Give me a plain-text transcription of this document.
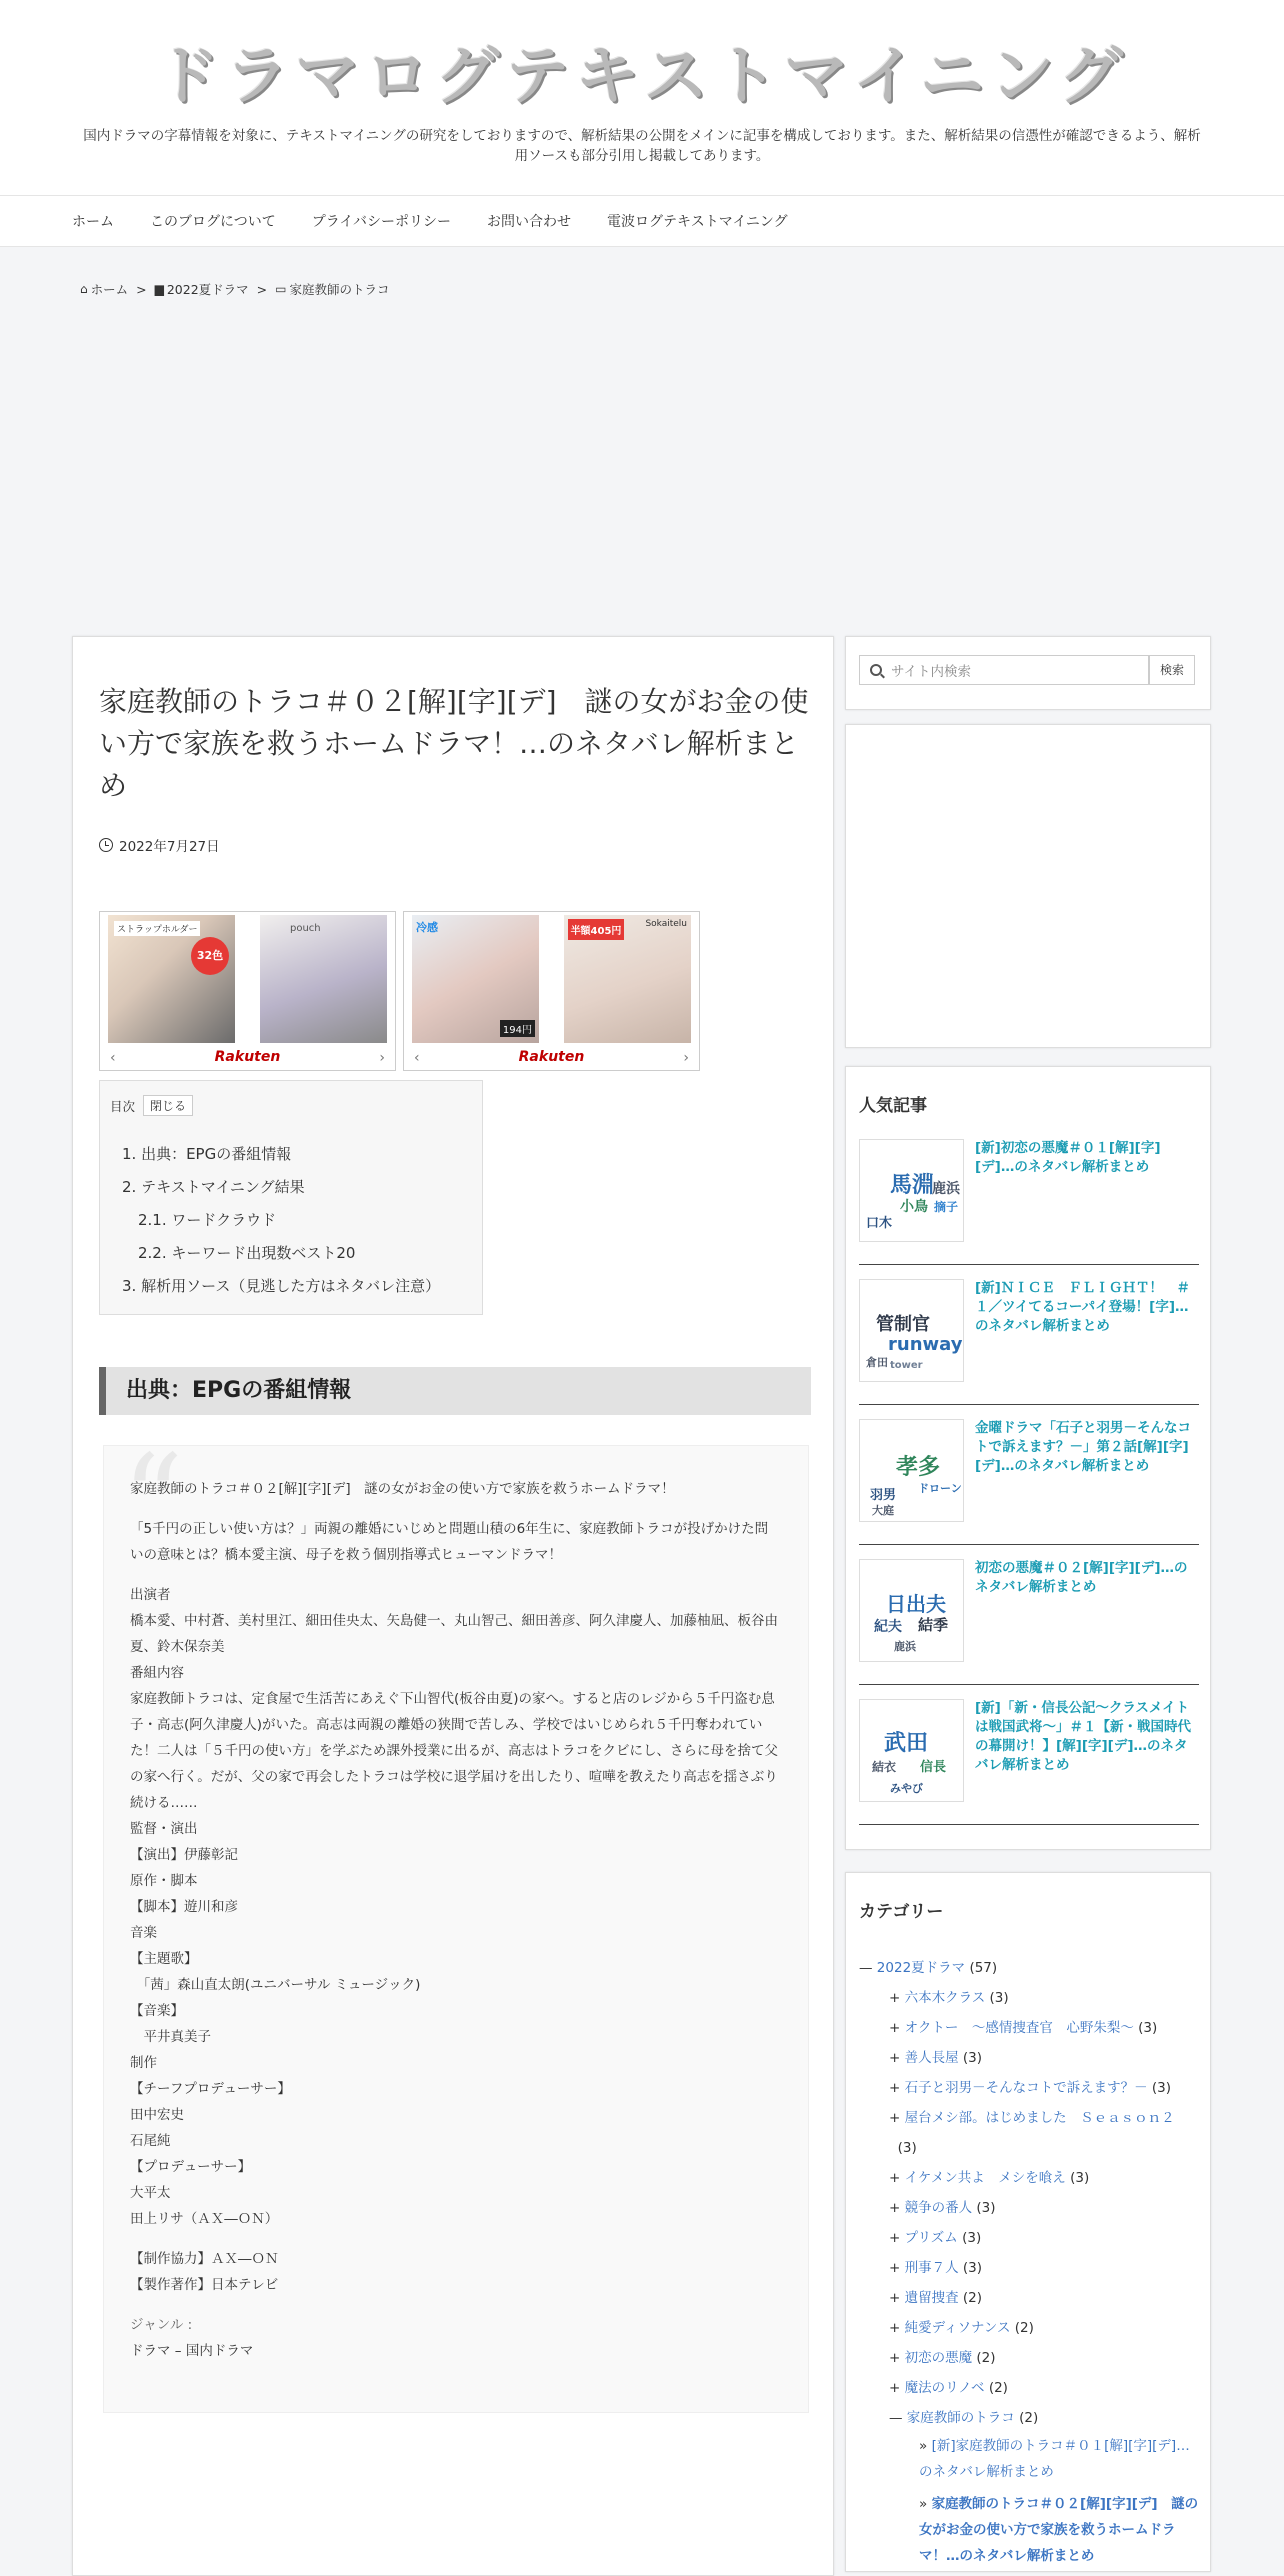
ドラマログテキストマイニング
国内ドラマの字幕情報を対象に、テキストマイニングの研究をしておりますので、解析結果の公開をメインに記事を構成しております。また、解析結果の信憑性が確認できるよう、解析用ソースも部分引用し掲載してあります。
ホーム	このブログについて	プライバシーポリシー	お問い合わせ	電波ログテキストマイニング
⌂ ホーム > ▆ 2022夏ドラマ > ▭ 家庭教師のトラコ
家庭教師のトラコ＃０２[解][字][デ]　謎の女がお金の使い方で家族を救うホームドラマ！…のネタバレ解析まとめ
2022年7月27日
ストラップホルダー
32色
pouch
‹	Rakuten	›
冷感
194円
半額405円
Sokaitelu
‹	Rakuten	›
目次	閉じる
1. 出典：EPGの番組情報
2. テキストマイニング結果
2.1. ワードクラウド
2.2. キーワード出現数ベスト20
3. 解析用ソース（見逃した方はネタバレ注意）
出典：EPGの番組情報
“
家庭教師のトラコ＃０２[解][字][デ]　謎の女がお金の使い方で家族を救うホームドラマ！
「5千円の正しい使い方は？」両親の離婚にいじめと問題山積の6年生に、家庭教師トラコが投げかけた問いの意味とは？橋本愛主演、母子を救う個別指導式ヒューマンドラマ！
出演者
橋本愛、中村蒼、美村里江、細田佳央太、矢島健一、丸山智己、細田善彦、阿久津慶人、加藤柚凪、板谷由夏、鈴木保奈美
番組内容
家庭教師トラコは、定食屋で生活苦にあえぐ下山智代(板谷由夏)の家へ。すると店のレジから５千円盗む息子・高志(阿久津慶人)がいた。高志は両親の離婚の狭間で苦しみ、学校ではいじめられ５千円奪われていた！二人は「５千円の使い方」を学ぶため課外授業に出るが、高志はトラコをクビにし、さらに母を捨て父の家へ行く。だが、父の家で再会したトラコは学校に退学届けを出したり、喧嘩を教えたり高志を揺さぶり続ける……
監督・演出
【演出】伊藤彰記
原作・脚本
【脚本】遊川和彦
音楽
【主題歌】
　「茜」森山直太朗(ユニバーサル ミュージック)
【音楽】
　平井真美子
制作
【チーフプロデューサー】
田中宏史
石尾純
【プロデューサー】
大平太
田上リサ（ＡＸ―ＯＮ）
【制作協力】ＡＸ―ＯＮ
【製作著作】日本テレビ
ジャンル :
ドラマ – 国内ドラマ
サイト内検索	検索
人気記事
馬淵
小鳥
鹿浜
摘子
口木
[新]初恋の悪魔＃０１[解][字][デ]…のネタバレ解析まとめ
管制官
runway
倉田 tower
[新]ＮＩＣＥ　ＦＬＩＧＨＴ！　＃１／ツイてるコーパイ登場！[字]…のネタバレ解析まとめ
孝多
ドローン
羽男
大庭
金曜ドラマ「石子と羽男－そんなコトで訴えます？－」第２話[解][字][デ]…のネタバレ解析まとめ
日出夫
結季
紀夫
鹿浜
初恋の悪魔＃０２[解][字][デ]…のネタバレ解析まとめ
武田
信長
結衣
みやび
[新]「新・信長公記～クラスメイトは戦国武将～」＃１【新・戦国時代の幕開け！】[解][字][デ]…のネタバレ解析まとめ
カテゴリー
— 2022夏ドラマ (57)
+ 六本木クラス (3)
+ オクトー　～感情捜査官　心野朱梨～ (3)
+ 善人長屋 (3)
+ 石子と羽男－そんなコトで訴えます？－ (3)
+ 屋台メシ部。はじめました　Ｓｅａｓｏｎ２
(3)
+ イケメン共よ　メシを喰え (3)
+ 競争の番人 (3)
+ プリズム (3)
+ 刑事７人 (3)
+ 遺留捜査 (2)
+ 純愛ディソナンス (2)
+ 初恋の悪魔 (2)
+ 魔法のリノベ (2)
— 家庭教師のトラコ (2)
» [新]家庭教師のトラコ＃０１[解][字][デ]…のネタバレ解析まとめ
» 家庭教師のトラコ＃０２[解][字][デ]　謎の女がお金の使い方で家族を救うホームドラマ！…のネタバレ解析まとめ
